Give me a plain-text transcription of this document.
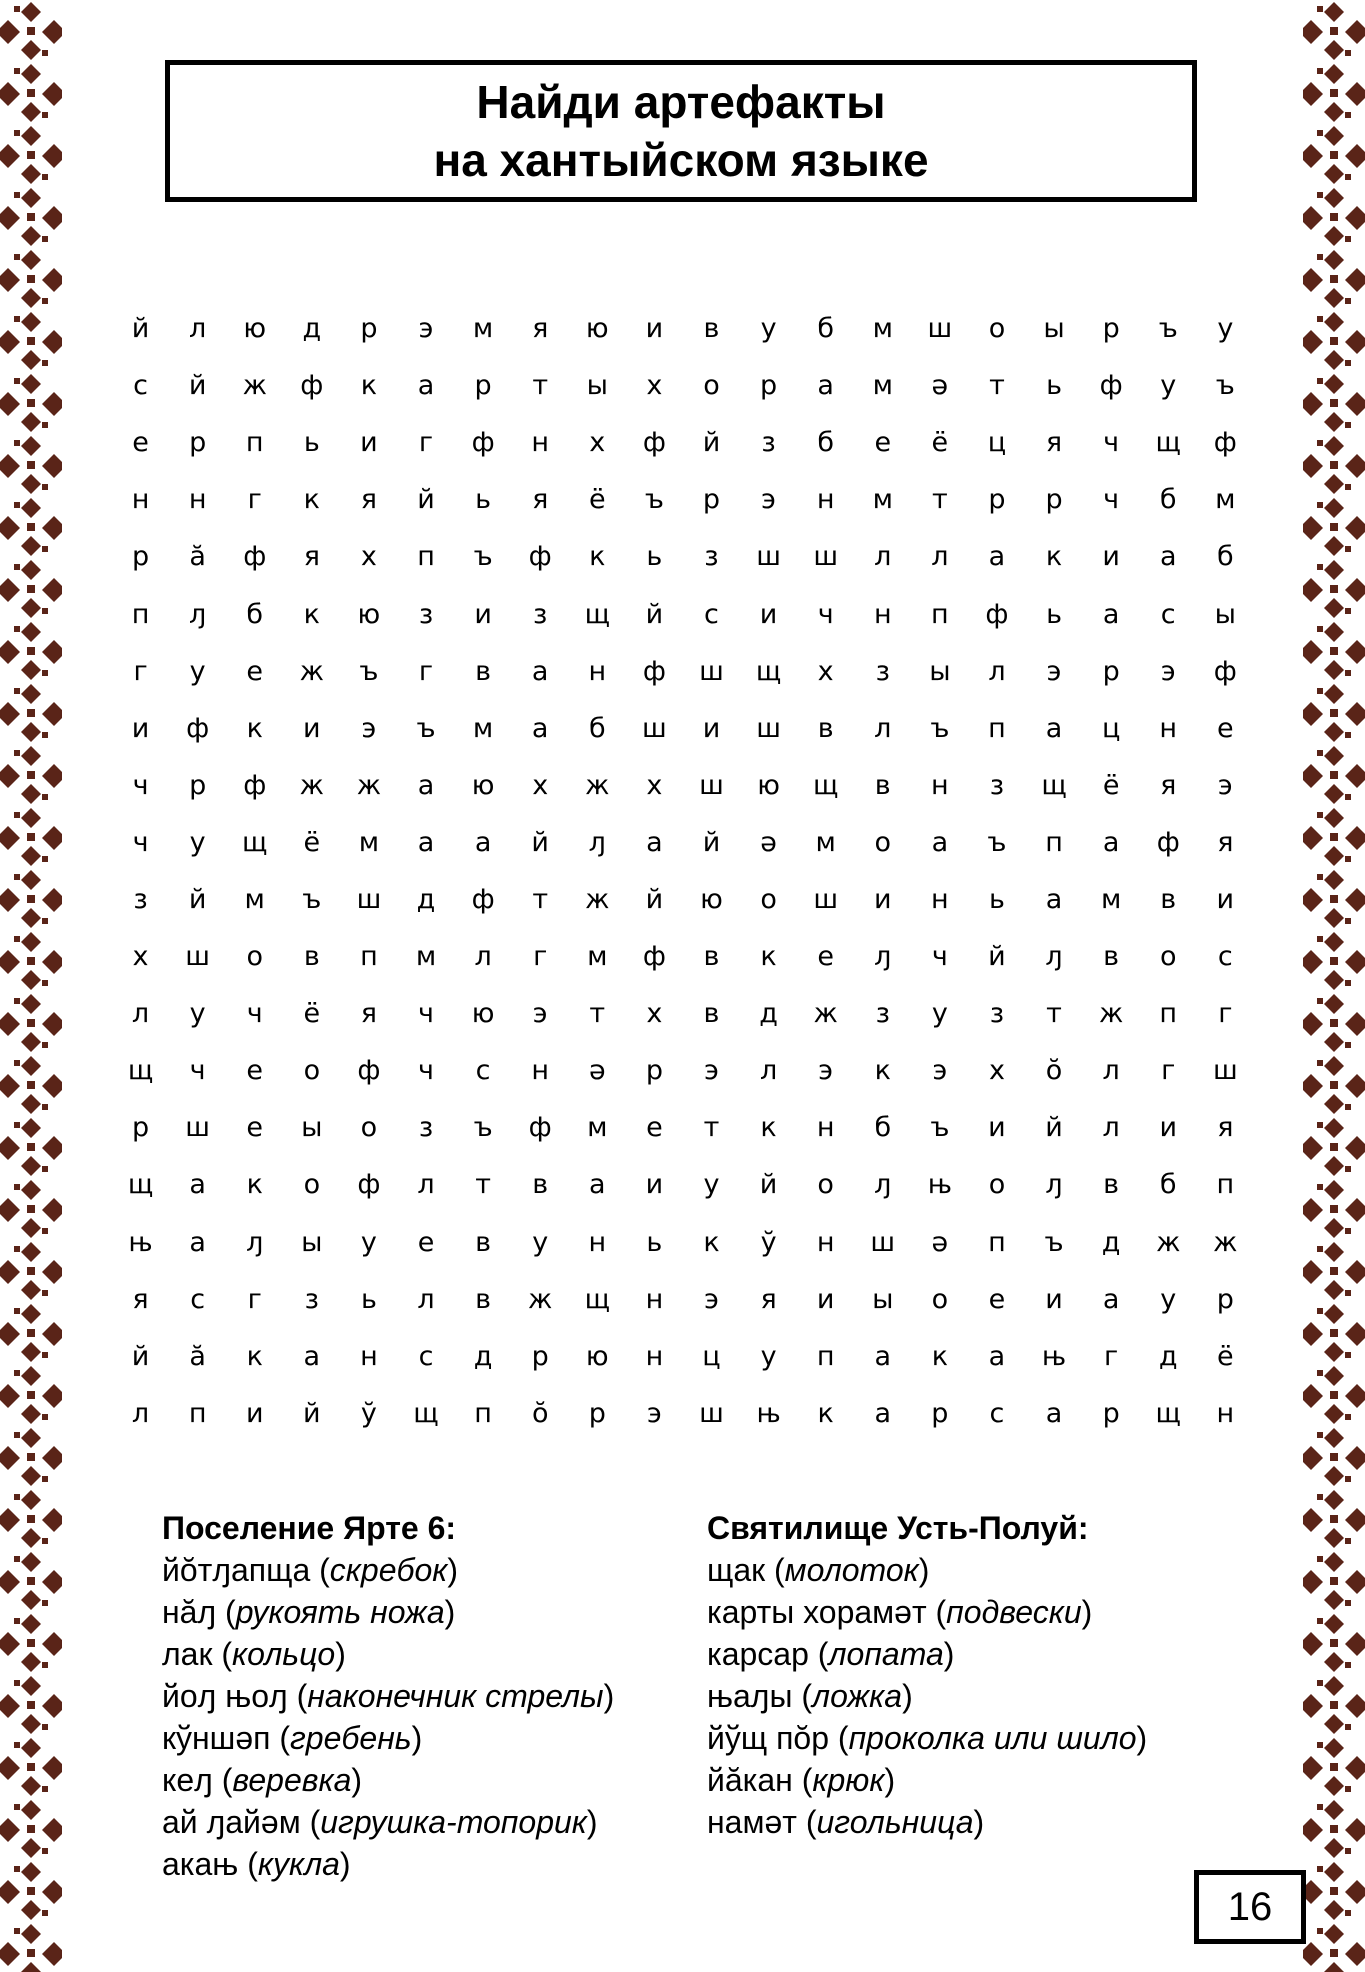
Найди артефакты
на хантыйском языке
й	л	ю	д	р	э	м	я	ю	и	в	у	б	м	ш	о	ы	р	ъ	у
с	й	ж	ф	к	а	р	т	ы	х	о	р	а	м	ә	т	ь	ф	у	ъ
е	р	п	ь	и	г	ф	н	х	ф	й	з	б	е	ё	ц	я	ч	щ	ф
н	н	г	к	я	й	ь	я	ё	ъ	р	э	н	м	т	р	р	ч	б	м
р	ӑ	ф	я	х	п	ъ	ф	к	ь	з	ш	ш	л	л	а	к	и	а	б
п	ԓ	б	к	ю	з	и	з	щ	й	с	и	ч	н	п	ф	ь	а	с	ы
г	у	е	ж	ъ	г	в	а	н	ф	ш	щ	х	з	ы	л	э	р	э	ф
и	ф	к	и	э	ъ	м	а	б	ш	и	ш	в	л	ъ	п	а	ц	н	е
ч	р	ф	ж	ж	а	ю	х	ж	х	ш	ю	щ	в	н	з	щ	ё	я	э
ч	у	щ	ё	м	а	а	й	ԓ	а	й	ә	м	о	а	ъ	п	а	ф	я
з	й	м	ъ	ш	д	ф	т	ж	й	ю	о	ш	и	н	ь	а	м	в	и
х	ш	о	в	п	м	л	г	м	ф	в	к	е	ԓ	ч	й	ԓ	в	о	с
л	у	ч	ё	я	ч	ю	э	т	х	в	д	ж	з	у	з	т	ж	п	г
щ	ч	е	о	ф	ч	с	н	ә	р	э	л	э	к	э	х	ŏ	л	г	ш
р	ш	е	ы	о	з	ъ	ф	м	е	т	к	н	б	ъ	и	й	л	и	я
щ	а	к	о	ф	л	т	в	а	и	у	й	о	ԓ	њ	о	ԓ	в	б	п
њ	а	ԓ	ы	у	е	в	у	н	ь	к	ў	н	ш	ә	п	ъ	д	ж	ж
я	с	г	з	ь	л	в	ж	щ	н	э	я	и	ы	о	е	и	а	у	р
й	ӑ	к	а	н	с	д	р	ю	н	ц	у	п	а	к	а	њ	г	д	ё
л	п	и	й	ў	щ	п	ŏ	р	э	ш	њ	к	а	р	с	а	р	щ	н
Поселение Ярте 6:
йŏтԓапща (скребок)
нӑԓ (рукоять ножа)
лак (кольцо)
йоԓ њоԓ (наконечник стрелы)
кўншәп (гребень)
кеԓ (веревка)
ай ԓайәм (игрушка-топорик)
акањ (кукла)
Святилище Усть-Полуй:
щак (молоток)
карты хорамәт (подвески)
карсар (лопата)
њаԓы (ложка)
йўщ пŏр (проколка или шило)
йӑкан (крюк)
намәт (игольница)
16
